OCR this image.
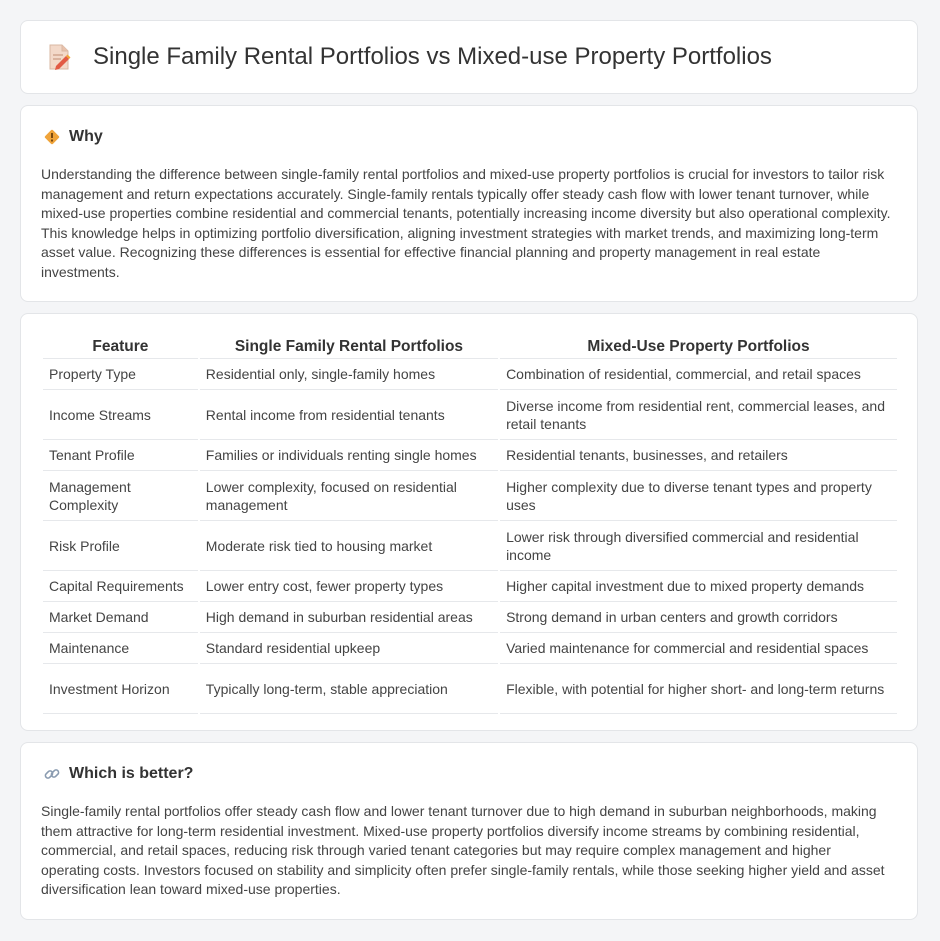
Single Family Rental Portfolios vs Mixed-use Property Portfolios
Why

Understanding the difference between single-family rental portfolios and mixed-use property portfolios is crucial for investors to tailor risk management and return expectations accurately. Single-family rentals typically offer steady cash flow with lower tenant turnover, while mixed-use properties combine residential and commercial tenants, potentially increasing income diversity but also operational complexity. This knowledge helps in optimizing portfolio diversification, aligning investment strategies with market trends, and maximizing long-term asset value. Recognizing these differences is essential for effective financial planning and property management in real estate investments.

Feature	Single Family Rental Portfolios	Mixed-Use Property Portfolios
Property Type	Residential only, single-family homes	Combination of residential, commercial, and retail spaces
Income Streams	Rental income from residential tenants	Diverse income from residential rent, commercial leases, and retail tenants
Tenant Profile	Families or individuals renting single homes	Residential tenants, businesses, and retailers
Management Complexity	Lower complexity, focused on residential management	Higher complexity due to diverse tenant types and property uses
Risk Profile	Moderate risk tied to housing market	Lower risk through diversified commercial and residential income
Capital Requirements	Lower entry cost, fewer property types	Higher capital investment due to mixed property demands
Market Demand	High demand in suburban residential areas	Strong demand in urban centers and growth corridors
Maintenance	Standard residential upkeep	Varied maintenance for commercial and residential spaces
Investment Horizon	Typically long-term, stable appreciation	Flexible, with potential for higher short- and long-term returns
Which is better?

Single-family rental portfolios offer steady cash flow and lower tenant turnover due to high demand in suburban neighborhoods, making them attractive for long-term residential investment. Mixed-use property portfolios diversify income streams by combining residential, commercial, and retail spaces, reducing risk through varied tenant categories but may require complex management and higher operating costs. Investors focused on stability and simplicity often prefer single-family rentals, while those seeking higher yield and asset diversification lean toward mixed-use properties.
